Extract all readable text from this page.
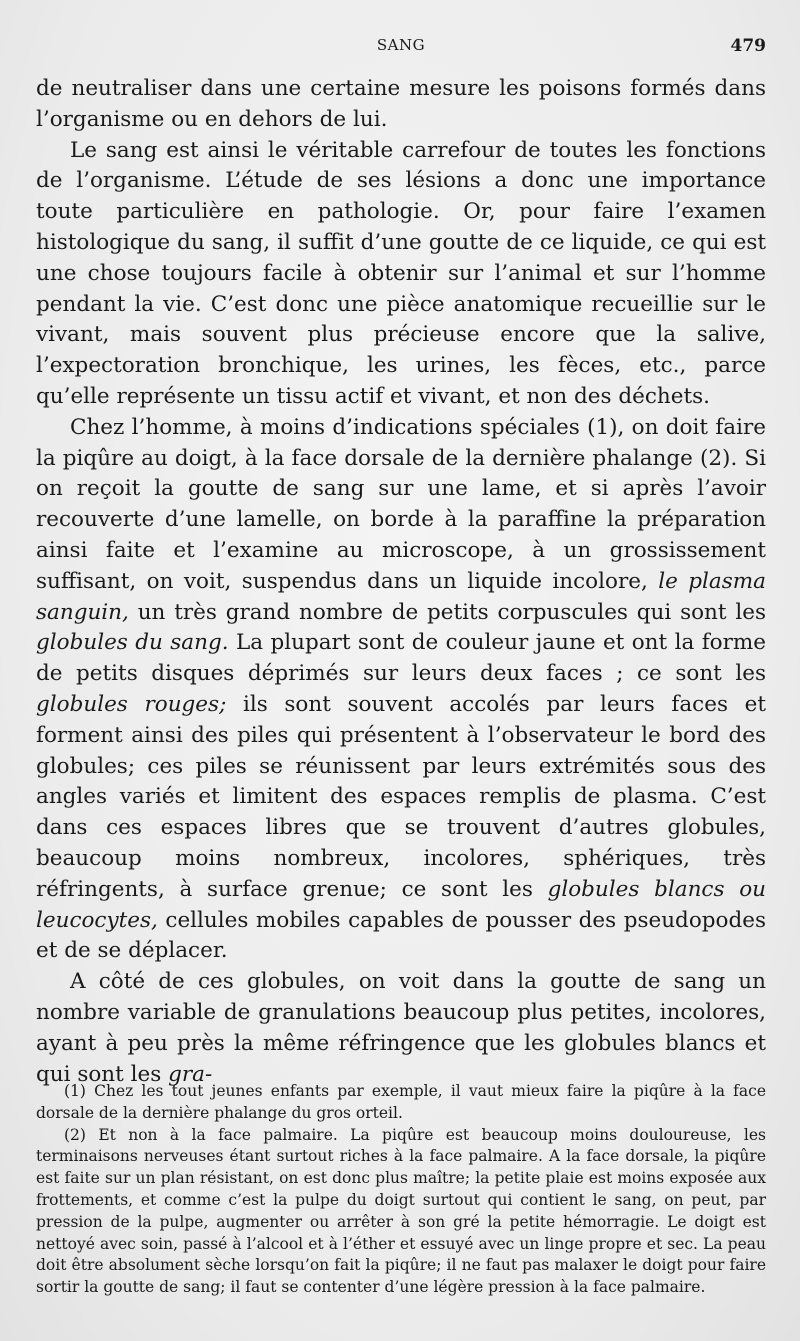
SANG	479

de neutraliser dans une certaine mesure les poisons formés dans l’organisme ou en dehors de lui.

Le sang est ainsi le véritable carrefour de toutes les fonctions de l’organisme. L’étude de ses lésions a donc une importance toute particulière en pathologie. Or, pour faire l’examen histologique du sang, il suffit d’une goutte de ce liquide, ce qui est une chose toujours facile à obtenir sur l’animal et sur l’homme pendant la vie. C’est donc une pièce anatomique recueillie sur le vivant, mais souvent plus précieuse encore que la salive, l’expectoration bronchique, les urines, les fèces, etc., parce qu’elle représente un tissu actif et vivant, et non des déchets.

Chez l’homme, à moins d’indications spéciales (1), on doit faire la piqûre au doigt, à la face dorsale de la dernière phalange (2). Si on reçoit la goutte de sang sur une lame, et si après l’avoir recouverte d’une lamelle, on borde à la paraffine la préparation ainsi faite et l’examine au microscope, à un grossissement suffisant, on voit, suspendus dans un liquide incolore, le plasma sanguin, un très grand nombre de petits corpuscules qui sont les globules du sang. La plupart sont de couleur jaune et ont la forme de petits disques déprimés sur leurs deux faces ; ce sont les globules rouges; ils sont souvent accolés par leurs faces et forment ainsi des piles qui présentent à l’observateur le bord des globules; ces piles se réunissent par leurs extrémités sous des angles variés et limitent des espaces remplis de plasma. C’est dans ces espaces libres que se trouvent d’autres globules, beaucoup moins nombreux, incolores, sphériques, très réfringents, à surface grenue; ce sont les globules blancs ou leucocytes, cellules mobiles capables de pousser des pseudopodes et de se déplacer.

A côté de ces globules, on voit dans la goutte de sang un nombre variable de granulations beaucoup plus petites, incolores, ayant à peu près la même réfringence que les globules blancs et qui sont les gra-

(1) Chez les tout jeunes enfants par exemple, il vaut mieux faire la piqûre à la face dorsale de la dernière phalange du gros orteil.

(2) Et non à la face palmaire. La piqûre est beaucoup moins douloureuse, les terminaisons nerveuses étant surtout riches à la face palmaire. A la face dorsale, la piqûre est faite sur un plan résistant, on est donc plus maître; la petite plaie est moins exposée aux frottements, et comme c’est la pulpe du doigt surtout qui contient le sang, on peut, par pression de la pulpe, augmenter ou arrêter à son gré la petite hémorragie. Le doigt est nettoyé avec soin, passé à l’alcool et à l’éther et essuyé avec un linge propre et sec. La peau doit être absolument sèche lorsqu’on fait la piqûre; il ne faut pas malaxer le doigt pour faire sortir la goutte de sang; il faut se contenter d’une légère pression à la face palmaire.
